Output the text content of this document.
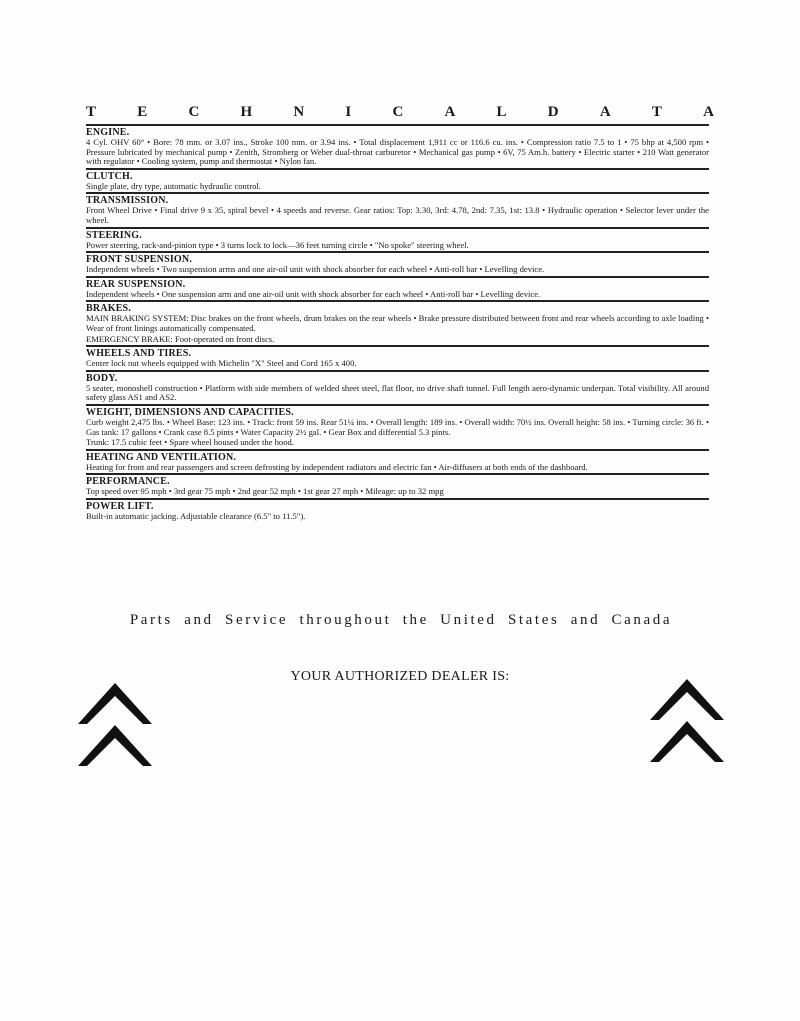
T	E	C	H	N	I	C	A	L	D	A	T	A
ENGINE.
4 Cyl. OHV 60° • Bore: 78 mm. or 3.07 ins., Stroke 100 mm. or 3.94 ins. • Total displacement 1,911 cc or 116.6 cu. ins. • Compression ratio 7.5 to 1 • 75 bhp at 4,500 rpm • Pressure lubricated by mechanical pump • Zenith, Stromberg or Weber dual-throat carburetor • Mechanical gas pump • 6V, 75 Am.h. battery • Electric starter • 210 Watt generator with regulator • Cooling system, pump and thermostat • Nylon fan.
CLUTCH.
Single plate, dry type, automatic hydraulic control.
TRANSMISSION.
Front Wheel Drive • Final drive 9 x 35, spiral bevel • 4 speeds and reverse. Gear ratios: Top: 3.30, 3rd: 4.78, 2nd: 7.35, 1st: 13.8 • Hydraulic operation • Selector lever under the wheel.
STEERING.
Power steering, rack-and-pinion type • 3 turns lock to lock—36 feet turning circle • "No spoke" steering wheel.
FRONT SUSPENSION.
Independent wheels • Two suspension arms and one air-oil unit with shock absorber for each wheel • Anti-roll bar • Levelling device.
REAR SUSPENSION.
Independent wheels • One suspension arm and one air-oil unit with shock absorber for each wheel • Anti-roll bar • Levelling device.
BRAKES.
MAIN BRAKING SYSTEM: Disc brakes on the front wheels, drum brakes on the rear wheels • Brake pressure distributed between front and rear wheels according to axle loading • Wear of front linings automatically compensated.
EMERGENCY BRAKE: Foot-operated on front discs.
WHEELS AND TIRES.
Center lock nut wheels equipped with Michelin "X" Steel and Cord 165 x 400.
BODY.
5 seater, monoshell construction • Platform with side members of welded sheet steel, flat floor, no drive shaft tunnel. Full length aero-dynamic underpan. Total visibility. All around safety glass AS1 and AS2.
WEIGHT, DIMENSIONS AND CAPACITIES.
Curb weight 2,475 lbs. • Wheel Base: 123 ins. • Track: front 59 ins. Rear 51¼ ins. • Overall length: 189 ins. • Overall width: 70½ ins. Overall height: 58 ins. • Turning circle: 36 ft. • Gas tank: 17 gallons • Crank case 8.5 pints • Water Capacity 2½ gal. • Gear Box and differential 5.3 pints.
Trunk: 17.5 cubic feet • Spare wheel housed under the hood.
HEATING AND VENTILATION.
Heating for front and rear passengers and screen defrosting by independent radiators and electric fan • Air-diffusers at both ends of the dashboard.
PERFORMANCE.
Top speed over 95 mph • 3rd gear 75 mph • 2nd gear 52 mph • 1st gear 27 mph • Mileage: up to 32 mpg
POWER LIFT.
Built-in automatic jacking. Adjustable clearance (6.5" to 11.5").
Parts and Service throughout the United States and Canada
YOUR AUTHORIZED DEALER IS:
